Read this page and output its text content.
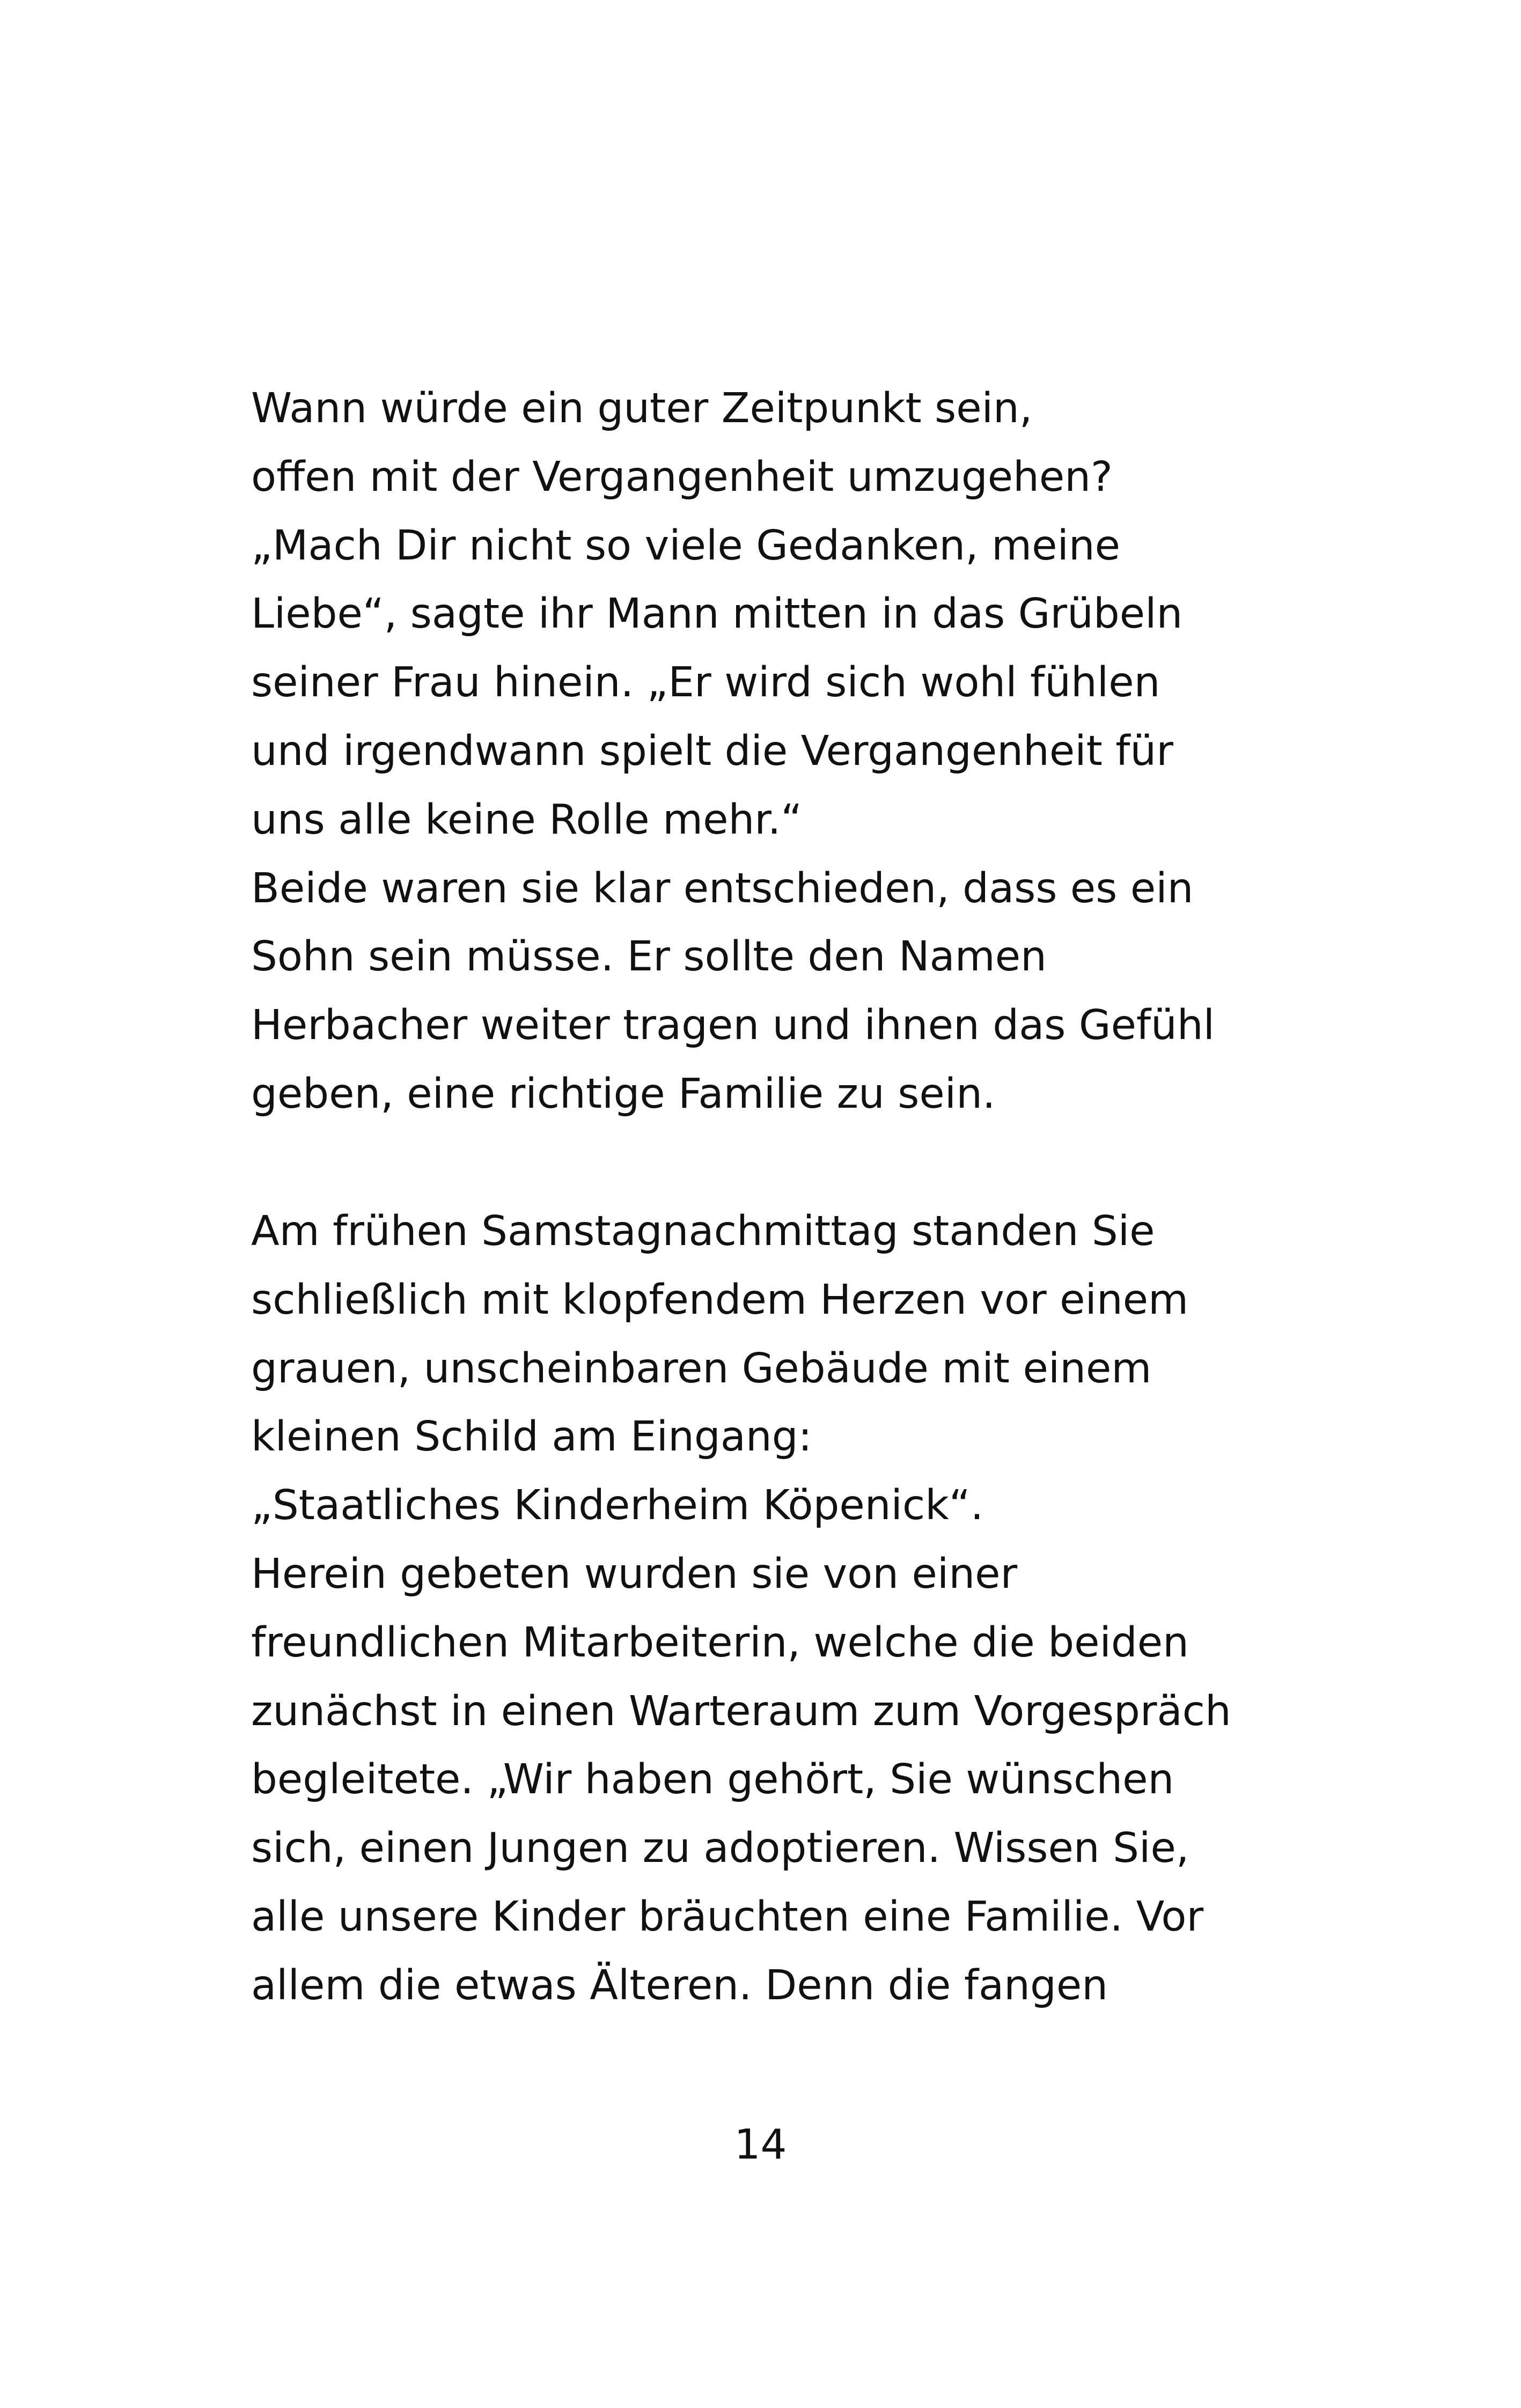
Wann würde ein guter Zeitpunkt sein,
offen mit der Vergangenheit umzugehen?
„Mach Dir nicht so viele Gedanken, meine
Liebe“, sagte ihr Mann mitten in das Grübeln
seiner Frau hinein. „Er wird sich wohl fühlen
und irgendwann spielt die Vergangenheit für
uns alle keine Rolle mehr.“
Beide waren sie klar entschieden, dass es ein
Sohn sein müsse. Er sollte den Namen
Herbacher weiter tragen und ihnen das Gefühl
geben, eine richtige Familie zu sein.
Am frühen Samstagnachmittag standen Sie
schließlich mit klopfendem Herzen vor einem
grauen, unscheinbaren Gebäude mit einem
kleinen Schild am Eingang:
„Staatliches Kinderheim Köpenick“.
Herein gebeten wurden sie von einer
freundlichen Mitarbeiterin, welche die beiden
zunächst in einen Warteraum zum Vorgespräch
begleitete. „Wir haben gehört, Sie wünschen
sich, einen Jungen zu adoptieren. Wissen Sie,
alle unsere Kinder bräuchten eine Familie. Vor
allem die etwas Älteren. Denn die fangen
14
